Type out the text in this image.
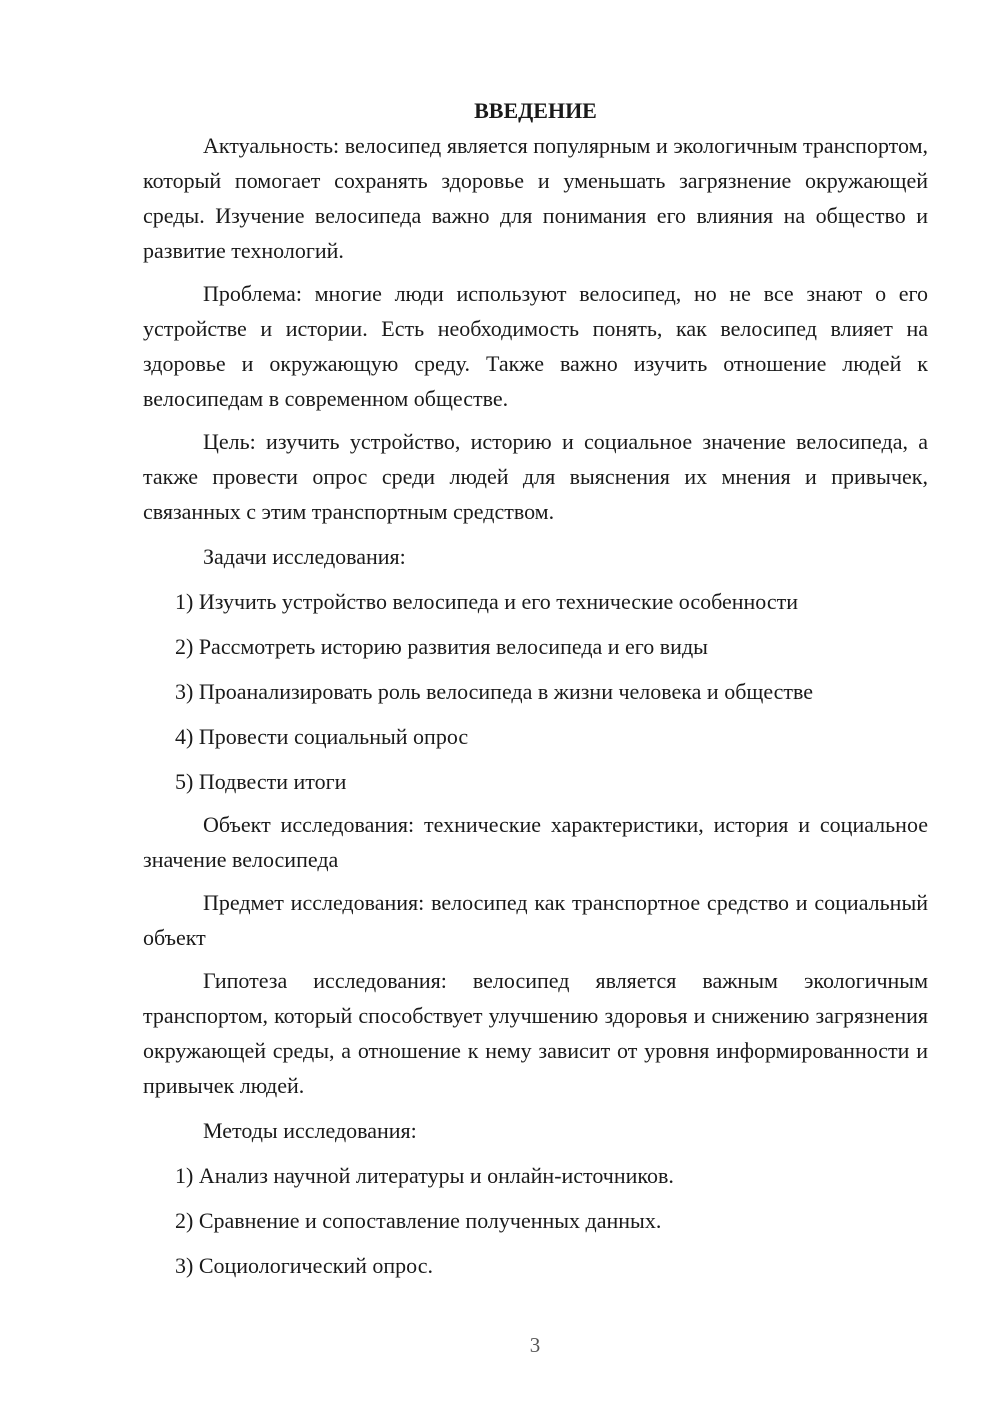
ВВЕДЕНИЕ

Актуальность: велосипед является популярным и экологичным транспортом, который помогает сохранять здоровье и уменьшать загрязнение окружающей среды. Изучение велосипеда важно для понимания его влияния на общество и развитие технологий.

Проблема: многие люди используют велосипед, но не все знают о его устройстве и истории. Есть необходимость понять, как велосипед влияет на здоровье и окружающую среду. Также важно изучить отношение людей к велосипедам в современном обществе.

Цель: изучить устройство, историю и социальное значение велосипеда, а также провести опрос среди людей для выяснения их мнения и привычек, связанных с этим транспортным средством.

Задачи исследования:
1) Изучить устройство велосипеда и его технические особенности
2) Рассмотреть историю развития велосипеда и его виды
3) Проанализировать роль велосипеда в жизни человека и обществе
4) Провести социальный опрос
5) Подвести итоги

Объект исследования: технические характеристики, история и социальное значение велосипеда

Предмет исследования: велосипед как транспортное средство и социальный объект

Гипотеза исследования: велосипед является важным экологичным транспортом, который способствует улучшению здоровья и снижению загрязнения окружающей среды, а отношение к нему зависит от уровня информированности и привычек людей.

Методы исследования:
1) Анализ научной литературы и онлайн-источников.
2) Сравнение и сопоставление полученных данных.
3) Социологический опрос.
3
